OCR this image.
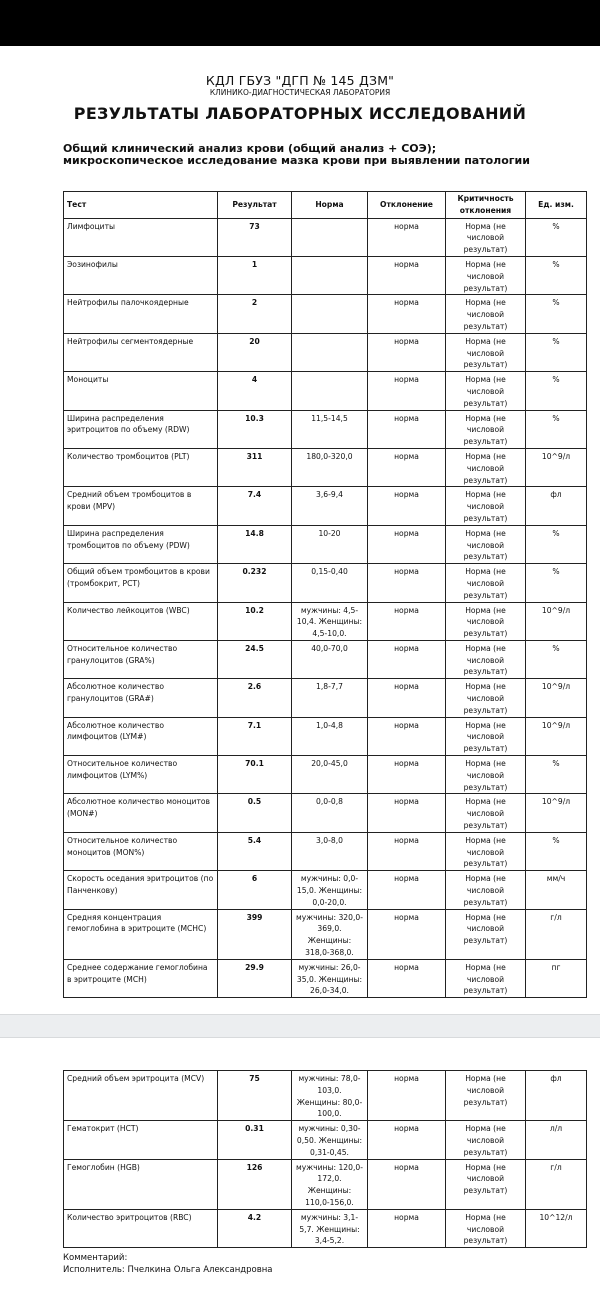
КДЛ ГБУЗ "ДГП № 145 ДЗМ"
КЛИНИКО-ДИАГНОСТИЧЕСКАЯ ЛАБОРАТОРИЯ
РЕЗУЛЬТАТЫ ЛАБОРАТОРНЫХ ИССЛЕДОВАНИЙ
Общий клинический анализ крови (общий анализ + СОЭ); микроскопическое исследование мазка крови при выявлении патологии
Тест	Результат	Норма	Отклонение	Критичность отклонения	Ед. изм.
Лимфоциты	73		норма	Норма (не числовой результат)	%
Эозинофилы	1		норма	Норма (не числовой результат)	%
Нейтрофилы палочкоядерные	2		норма	Норма (не числовой результат)	%
Нейтрофилы сегментоядерные	20		норма	Норма (не числовой результат)	%
Моноциты	4		норма	Норма (не числовой результат)	%
Ширина распределения эритроцитов по объему (RDW)	10.3	11,5-14,5	норма	Норма (не числовой результат)	%
Количество тромбоцитов (PLT)	311	180,0-320,0	норма	Норма (не числовой результат)	10^9/л
Средний объем тромбоцитов в крови (MPV)	7.4	3,6-9,4	норма	Норма (не числовой результат)	фл
Ширина распределения тромбоцитов по объему (PDW)	14.8	10-20	норма	Норма (не числовой результат)	%
Общий объем тромбоцитов в крови (тромбокрит, PCT)	0.232	0,15-0,40	норма	Норма (не числовой результат)	%
Количество лейкоцитов (WBC)	10.2	мужчины: 4,5-10,4. Женщины: 4,5-10,0.	норма	Норма (не числовой результат)	10^9/л
Относительное количество гранулоцитов (GRA%)	24.5	40,0-70,0	норма	Норма (не числовой результат)	%
Абсолютное количество гранулоцитов (GRA#)	2.6	1,8-7,7	норма	Норма (не числовой результат)	10^9/л
Абсолютное количество лимфоцитов (LYM#)	7.1	1,0-4,8	норма	Норма (не числовой результат)	10^9/л
Относительное количество лимфоцитов (LYM%)	70.1	20,0-45,0	норма	Норма (не числовой результат)	%
Абсолютное количество моноцитов (MON#)	0.5	0,0-0,8	норма	Норма (не числовой результат)	10^9/л
Относительное количество моноцитов (MON%)	5.4	3,0-8,0	норма	Норма (не числовой результат)	%
Скорость оседания эритроцитов (по Панченкову)	6	мужчины: 0,0-15,0. Женщины: 0,0-20,0.	норма	Норма (не числовой результат)	мм/ч
Средняя концентрация гемоглобина в эритроците (MCHC)	399	мужчины: 320,0-369,0. Женщины: 318,0-368,0.	норма	Норма (не числовой результат)	г/л
Среднее содержание гемоглобина в эритроците (MCH)	29.9	мужчины: 26,0-35,0. Женщины: 26,0-34,0.	норма	Норма (не числовой результат)	пг
Средний объем эритроцита (MCV)	75	мужчины: 78,0-103,0. Женщины: 80,0-100,0.	норма	Норма (не числовой результат)	фл
Гематокрит (HCT)	0.31	мужчины: 0,30-0,50. Женщины: 0,31-0,45.	норма	Норма (не числовой результат)	л/л
Гемоглобин (HGB)	126	мужчины: 120,0-172,0. Женщины: 110,0-156,0.	норма	Норма (не числовой результат)	г/л
Количество эритроцитов (RBC)	4.2	мужчины: 3,1-5,7. Женщины: 3,4-5,2.	норма	Норма (не числовой результат)	10^12/л
Комментарий:
Исполнитель: Пчелкина Ольга Александровна
